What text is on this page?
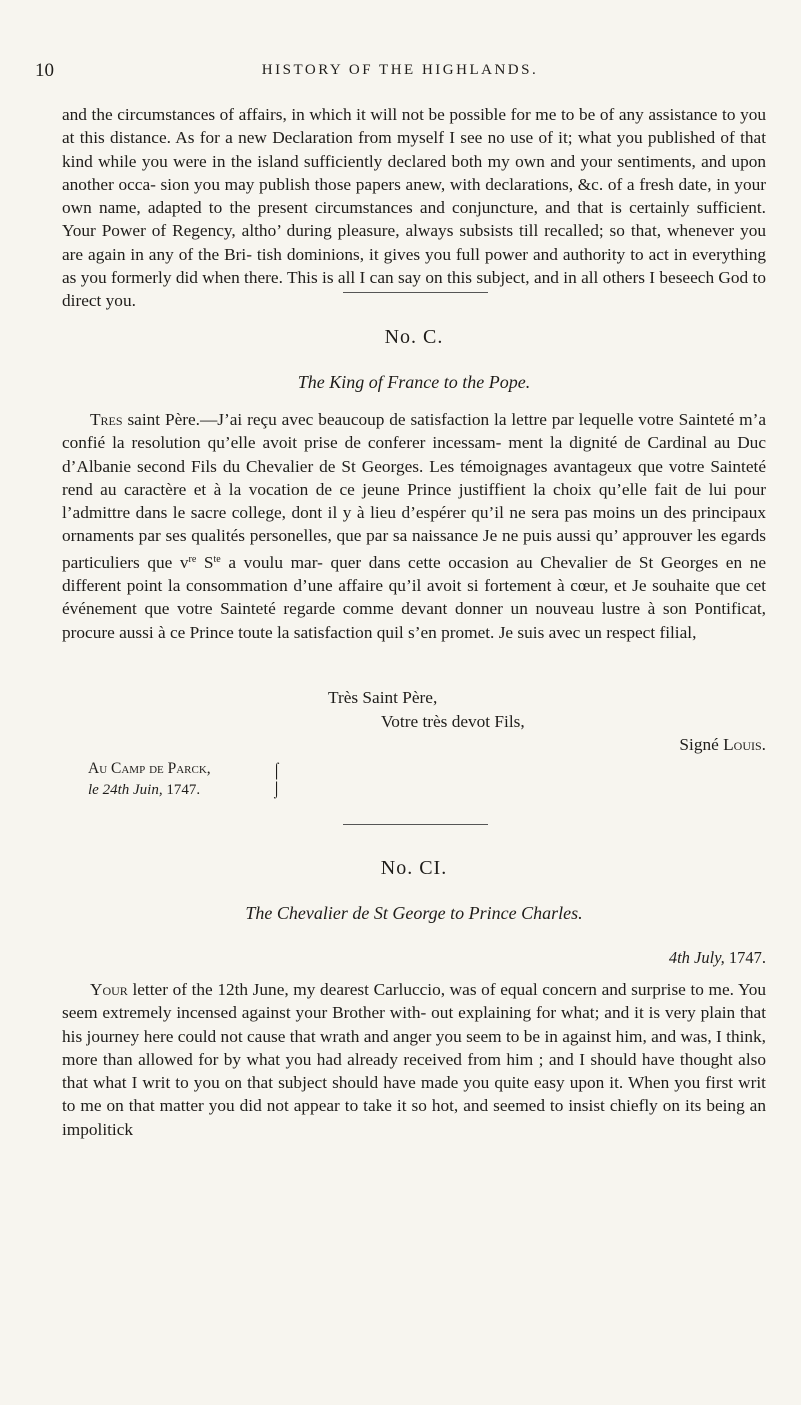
10	HISTORY OF THE HIGHLANDS.

and the circumstances of affairs, in which it will not be possible for me to be of any assistance to you at this distance. As for a new Declaration from myself I see no use of it; what you published of that kind while you were in the island sufficiently declared both my own and your sentiments, and upon another occa- sion you may publish those papers anew, with declarations, &c. of a fresh date, in your own name, adapted to the present circumstances and conjuncture, and that is certainly sufficient. Your Power of Regency, altho’ during pleasure, always subsists till recalled; so that, whenever you are again in any of the Bri- tish dominions, it gives you full power and authority to act in everything as you formerly did when there. This is all I can say on this subject, and in all others I beseech God to direct you.

No. C.

The King of France to the Pope.

Tres saint Père.—J’ai reçu avec beaucoup de satisfaction la lettre par lequelle votre Sainteté m’a confié la resolution qu’elle avoit prise de conferer incessam- ment la dignité de Cardinal au Duc d’Albanie second Fils du Chevalier de St Georges. Les témoignages avantageux que votre Sainteté rend au caractère et à la vocation de ce jeune Prince justiffient la choix qu’elle fait de lui pour l’admittre dans le sacre college, dont il y à lieu d’espérer qu’il ne sera pas moins un des principaux ornaments par ses qualités personelles, que par sa naissance Je ne puis aussi qu’ approuver les egards particuliers que $v^{re}$ $S^{te}$ a voulu mar- quer dans cette occasion au Chevalier de St Georges en ne different point la consommation d’une affaire qu’il avoit si fortement à cœur, et Je souhaite que cet événement que votre Sainteté regarde comme devant donner un nouveau lustre à son Pontificat, procure aussi à ce Prince toute la satisfaction quil s’en promet. Je suis avec un respect filial,

Très Saint Père,
Votre très devot Fils,
Signé Louis.
Au Camp de Parck,
le 24th Juin, 1747.
⌠
⌡

No. CI.

The Chevalier de St George to Prince Charles.

4th July, 1747.

Your letter of the 12th June, my dearest Carluccio, was of equal concern and surprise to me. You seem extremely incensed against your Brother with- out explaining for what; and it is very plain that his journey here could not cause that wrath and anger you seem to be in against him, and was, I think, more than allowed for by what you had already received from him ; and I should have thought also that what I writ to you on that subject should have made you quite easy upon it. When you first writ to me on that matter you did not appear to take it so hot, and seemed to insist chiefly on its being an impolitick
